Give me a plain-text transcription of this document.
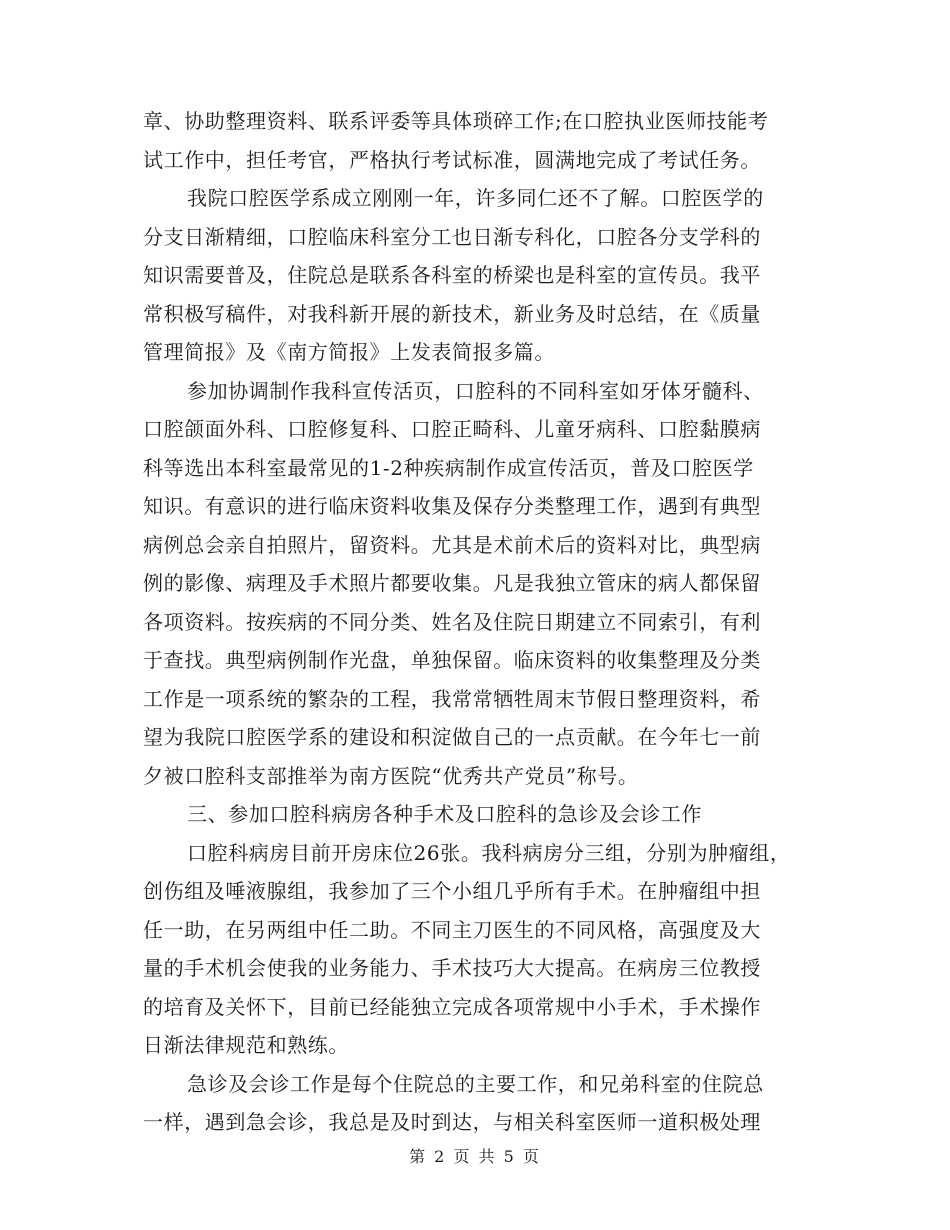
章、协助整理资料、联系评委等具体琐碎工作;在口腔执业医师技能考
试工作中，担任考官，严格执行考试标准，圆满地完成了考试任务。
我院口腔医学系成立刚刚一年，许多同仁还不了解。口腔医学的
分支日渐精细，口腔临床科室分工也日渐专科化，口腔各分支学科的
知识需要普及，住院总是联系各科室的桥梁也是科室的宣传员。我平
常积极写稿件，对我科新开展的新技术，新业务及时总结，在《质量
管理简报》及《南方简报》上发表简报多篇。
参加协调制作我科宣传活页，口腔科的不同科室如牙体牙髓科、
口腔颌面外科、口腔修复科、口腔正畸科、儿童牙病科、口腔黏膜病
科等选出本科室最常见的1-2种疾病制作成宣传活页，普及口腔医学
知识。有意识的进行临床资料收集及保存分类整理工作，遇到有典型
病例总会亲自拍照片，留资料。尤其是术前术后的资料对比，典型病
例的影像、病理及手术照片都要收集。凡是我独立管床的病人都保留
各项资料。按疾病的不同分类、姓名及住院日期建立不同索引，有利
于查找。典型病例制作光盘，单独保留。临床资料的收集整理及分类
工作是一项系统的繁杂的工程，我常常牺牲周末节假日整理资料，希
望为我院口腔医学系的建设和积淀做自己的一点贡献。在今年七一前
夕被口腔科支部推举为南方医院“优秀共产党员”称号。
三、参加口腔科病房各种手术及口腔科的急诊及会诊工作
口腔科病房目前开房床位26张。我科病房分三组，分别为肿瘤组，
创伤组及唾液腺组，我参加了三个小组几乎所有手术。在肿瘤组中担
任一助，在另两组中任二助。不同主刀医生的不同风格，高强度及大
量的手术机会使我的业务能力、手术技巧大大提高。在病房三位教授
的培育及关怀下，目前已经能独立完成各项常规中小手术，手术操作
日渐法律规范和熟练。
急诊及会诊工作是每个住院总的主要工作，和兄弟科室的住院总
一样，遇到急会诊，我总是及时到达，与相关科室医师一道积极处理
第 2 页 共 5 页
